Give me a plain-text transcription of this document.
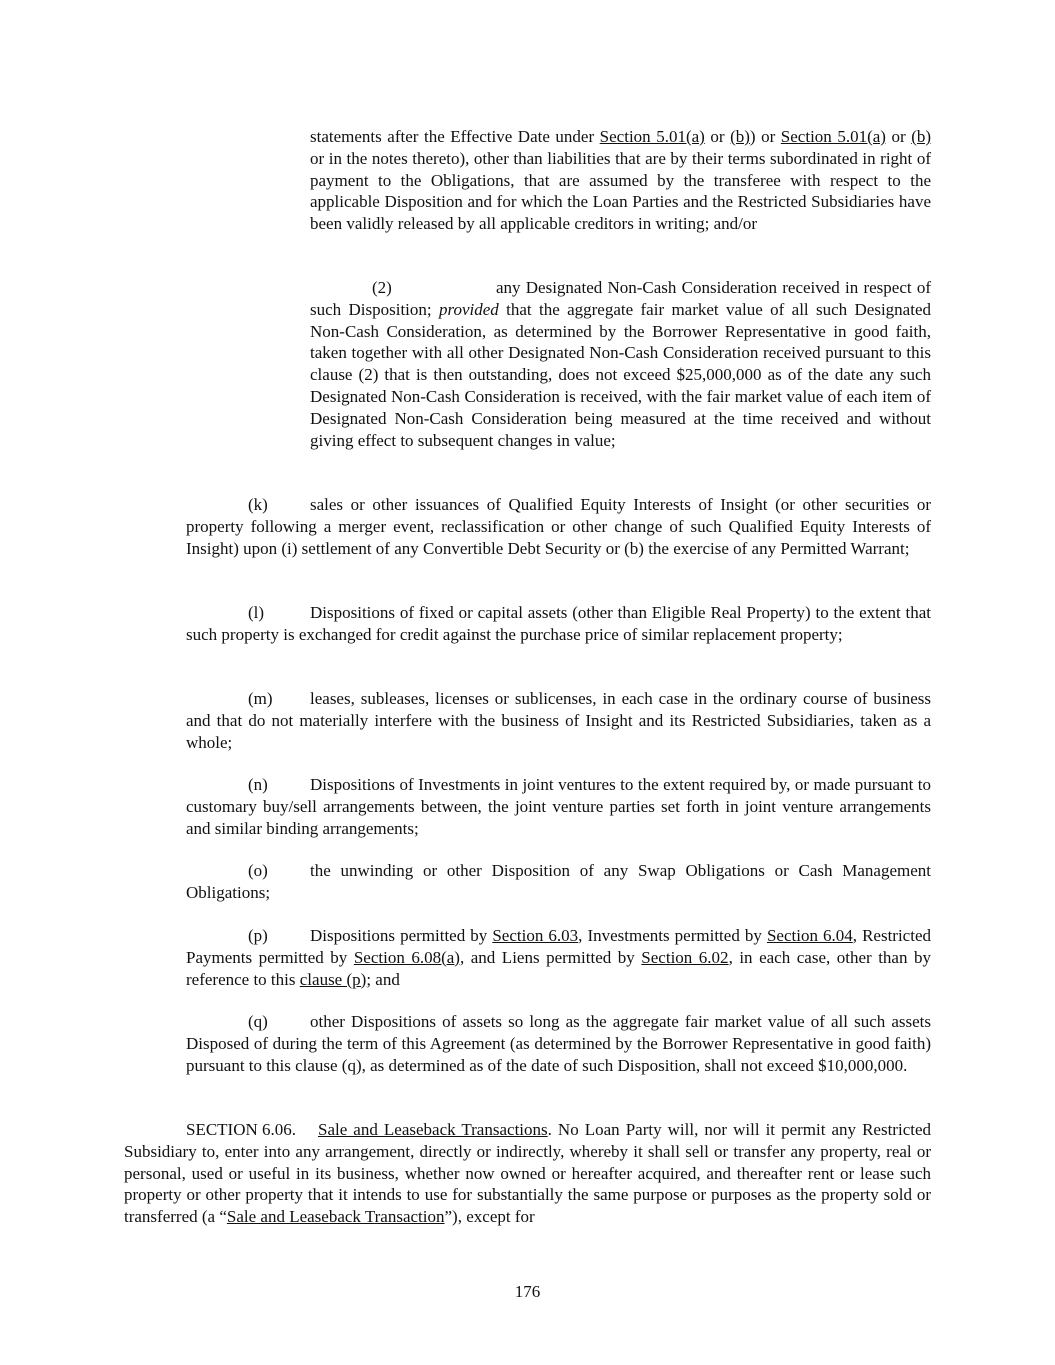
statements after the Effective Date under Section 5.01(a) or (b)) or Section 5.01(a) or (b) or in the notes thereto), other than liabilities that are by their terms subordinated in right of payment to the Obligations, that are assumed by the transferee with respect to the applicable Disposition and for which the Loan Parties and the Restricted Subsidiaries have been validly released by all applicable creditors in writing; and/or

(2)	any Designated Non-Cash Consideration received in respect of such Disposition; provided that the aggregate fair market value of all such Designated Non-Cash Consideration, as determined by the Borrower Representative in good faith, taken together with all other Designated Non-Cash Consideration received pursuant to this clause (2) that is then outstanding, does not exceed $25,000,000 as of the date any such Designated Non-Cash Consideration is received, with the fair market value of each item of Designated Non-Cash Consideration being measured at the time received and without giving effect to subsequent changes in value;

(k) sales or other issuances of Qualified Equity Interests of Insight (or other securities or property following a merger event, reclassification or other change of such Qualified Equity Interests of Insight) upon (i) settlement of any Convertible Debt Security or (b) the exercise of any Permitted Warrant;

(l)	Dispositions of fixed or capital assets (other than Eligible Real Property) to the extent that such property is exchanged for credit against the purchase price of similar replacement property;

(m) leases, subleases, licenses or sublicenses, in each case in the ordinary course of business and that do not materially interfere with the business of Insight and its Restricted Subsidiaries, taken as a whole;

(n) Dispositions of Investments in joint ventures to the extent required by, or made pursuant to customary buy/sell arrangements between, the joint venture parties set forth in joint venture arrangements and similar binding arrangements;

(o) the unwinding or other Disposition of any Swap Obligations or Cash Management Obligations;

(p) Dispositions permitted by Section 6.03, Investments permitted by Section 6.04, Restricted Payments permitted by Section 6.08(a), and Liens permitted by Section 6.02, in each case, other than by reference to this clause (p); and

(q) other Dispositions of assets so long as the aggregate fair market value of all such assets Disposed of during the term of this Agreement (as determined by the Borrower Representative in good faith) pursuant to this clause (q), as determined as of the date of such Disposition, shall not exceed $10,000,000.

SECTION 6.06. Sale and Leaseback Transactions. No Loan Party will, nor will it permit any Restricted Subsidiary to, enter into any arrangement, directly or indirectly, whereby it shall sell or transfer any property, real or personal, used or useful in its business, whether now owned or hereafter acquired, and thereafter rent or lease such property or other property that it intends to use for substantially the same purpose or purposes as the property sold or transferred (a “Sale and Leaseback Transaction”), except for

176
